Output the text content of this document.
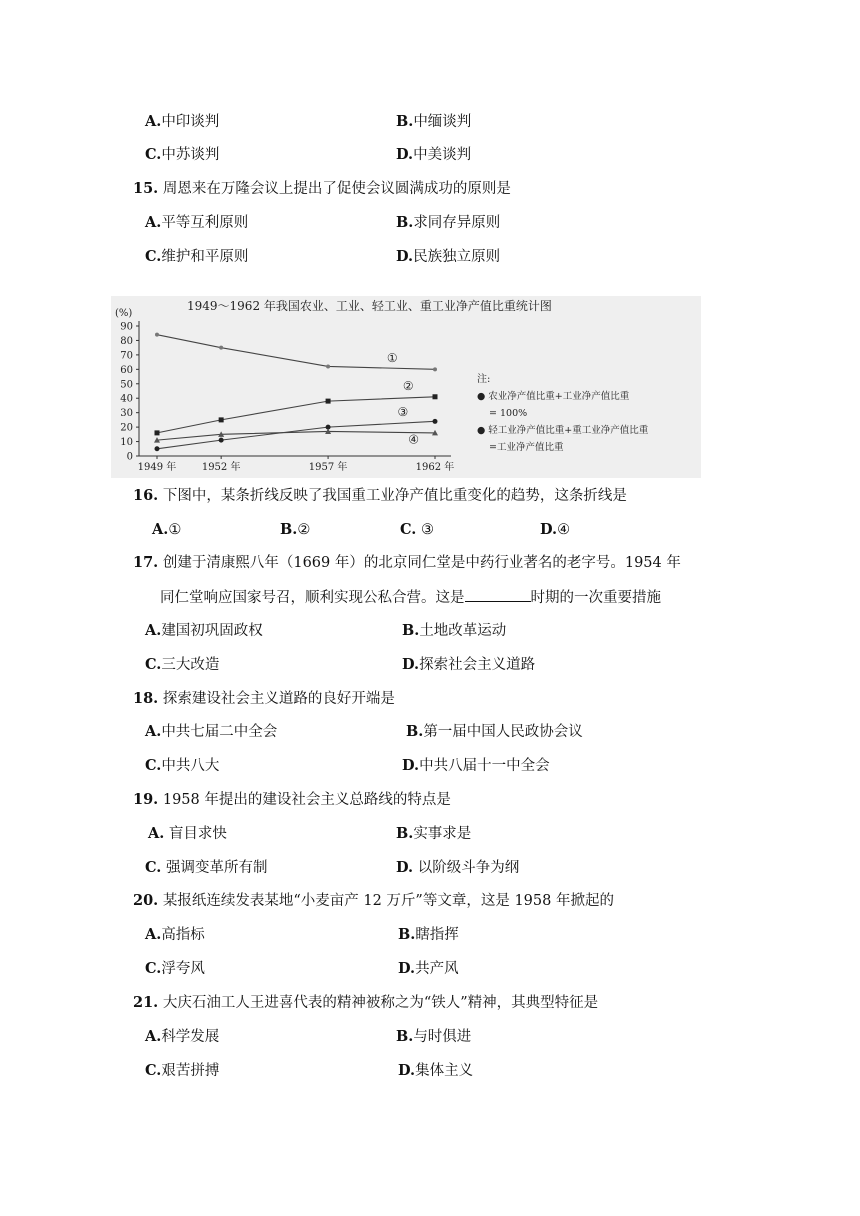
A.中印谈判	B.中缅谈判
C.中苏谈判	D.中美谈判
15. 周恩来在万隆会议上提出了促使会议圆满成功的原则是
A.平等互利原则	B.求同存异原则
C.维护和平原则	D.民族独立原则
1949～1962 年我国农业、工业、轻工业、重工业净产值比重统计图
(%)
0
10
20
30
40
50
60
70
80
90
1949 年	1952 年	1957 年	1962 年
①
②
③
④
注:
● 农业净产值比重+工业净产值比重
= 100%
● 轻工业净产值比重+重工业净产值比重
=工业净产值比重
16. 下图中，某条折线反映了我国重工业净产值比重变化的趋势，这条折线是
A.①	B.②	C. ③	D.④
17. 创建于清康熙八年（1669 年）的北京同仁堂是中药行业著名的老字号。1954 年
同仁堂响应国家号召，顺利实现公私合营。这是	时期的一次重要措施
A.建国初巩固政权	B.土地改革运动
C.三大改造	D.探索社会主义道路
18. 探索建设社会主义道路的良好开端是
A.中共七届二中全会	B.第一届中国人民政协会议
C.中共八大	D.中共八届十一中全会
19. 1958 年提出的建设社会主义总路线的特点是
A. 盲目求快	B.实事求是
C. 强调变革所有制	D. 以阶级斗争为纲
20. 某报纸连续发表某地“小麦亩产 12 万斤”等文章，这是 1958 年掀起的
A.高指标	B.瞎指挥
C.浮夸风	D.共产风
21. 大庆石油工人王进喜代表的精神被称之为“铁人”精神，其典型特征是
A.科学发展	B.与时俱进
C.艰苦拼搏	D.集体主义
